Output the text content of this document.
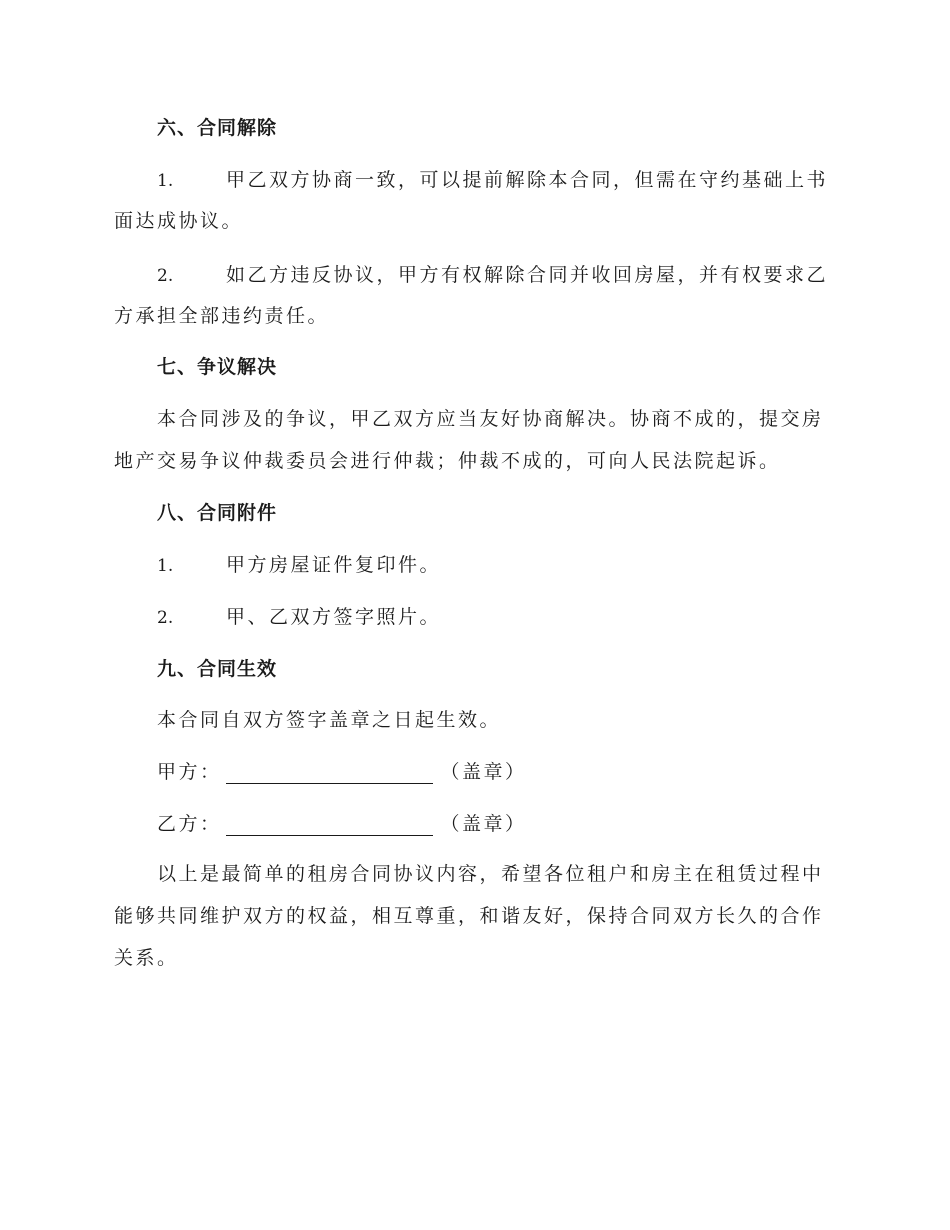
六、合同解除
1.	甲乙双方协商一致，可以提前解除本合同，但需在守约基础上书
面达成协议。
2.	如乙方违反协议，甲方有权解除合同并收回房屋，并有权要求乙
方承担全部违约责任。
七、争议解决
本合同涉及的争议，甲乙双方应当友好协商解决。协商不成的，提交房
地产交易争议仲裁委员会进行仲裁；仲裁不成的，可向人民法院起诉。
八、合同附件
1.	甲方房屋证件复印件。
2.	甲、乙双方签字照片。
九、合同生效
本合同自双方签字盖章之日起生效。
甲方：	（盖章）
乙方：	（盖章）
以上是最简单的租房合同协议内容，希望各位租户和房主在租赁过程中
能够共同维护双方的权益，相互尊重，和谐友好，保持合同双方长久的合作
关系。
